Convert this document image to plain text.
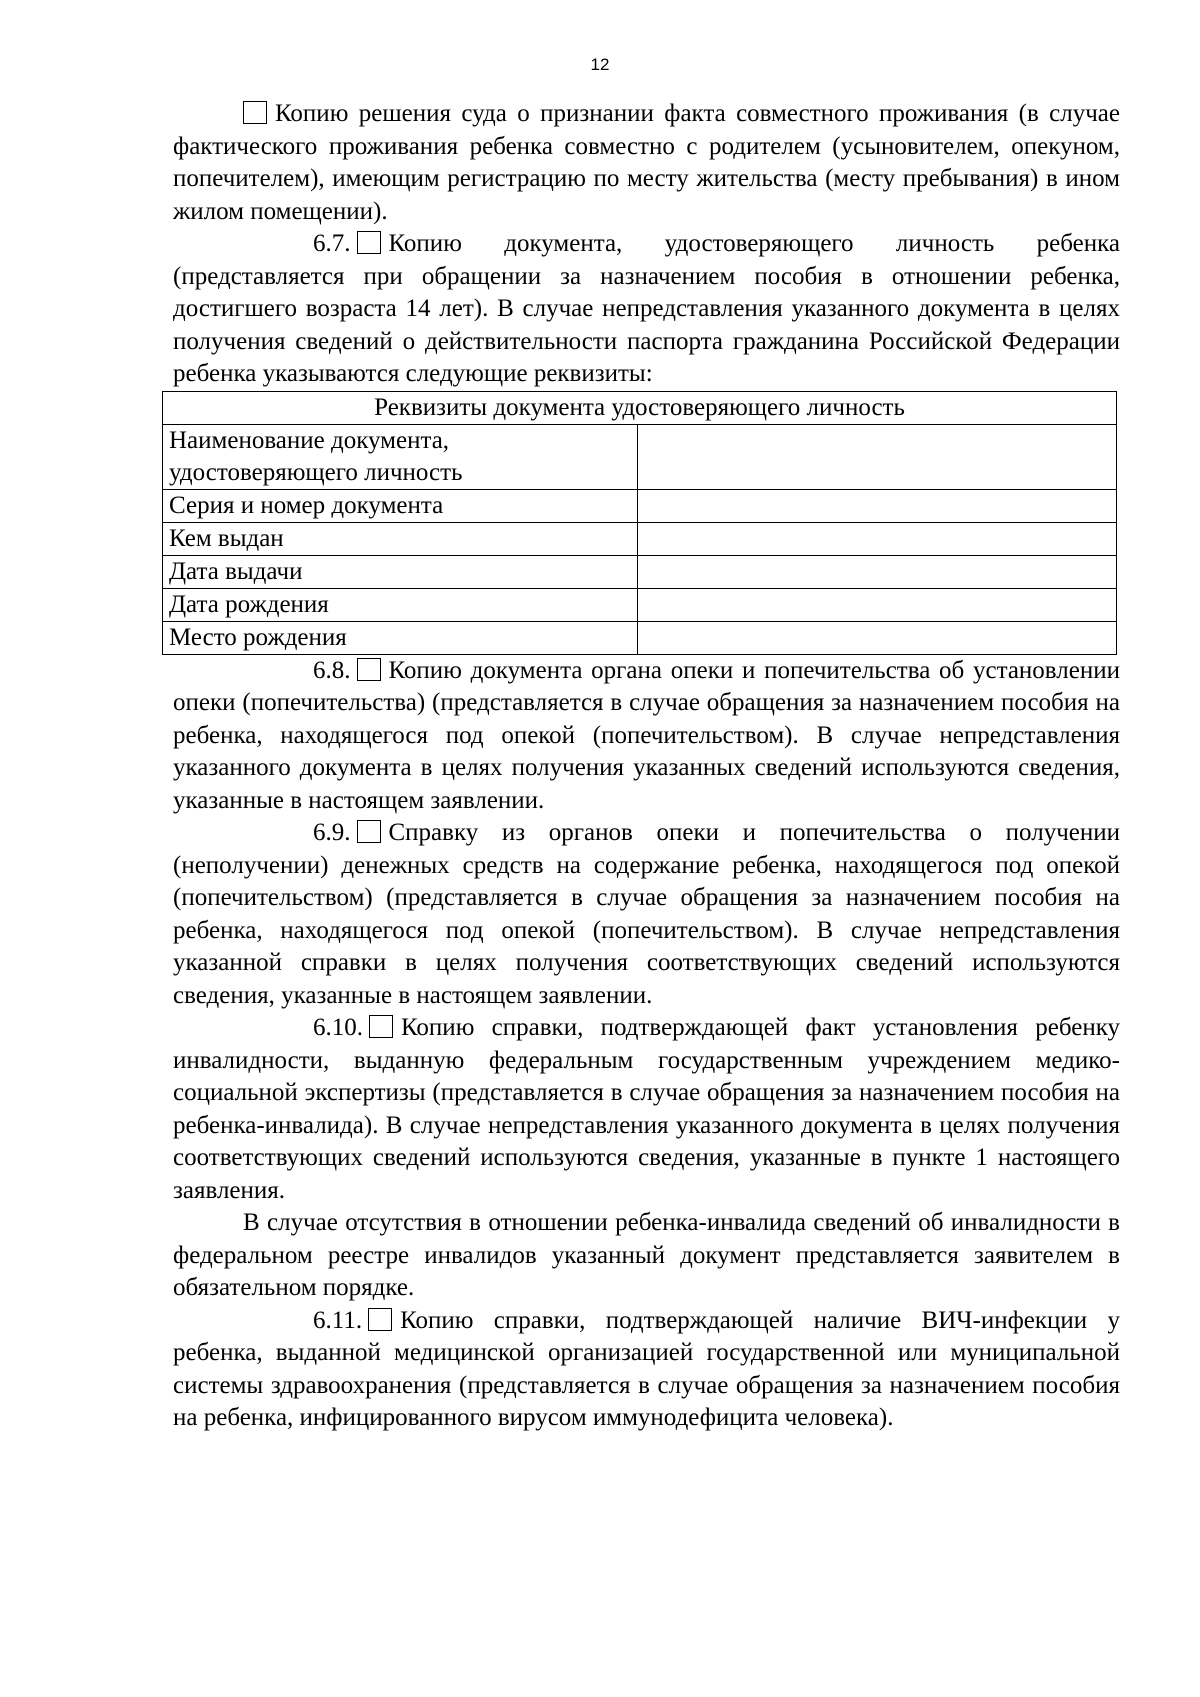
12

Копию решения суда о признании факта совместного проживания (в случае фактического проживания ребенка совместно с родителем (усыновителем, опекуном, попечителем), имеющим регистрацию по месту жительства (месту пребывания) в ином жилом помещении).

6.7. Копию документа, удостоверяющего личность ребенка (представляется при обращении за назначением пособия в отношении ребенка, достигшего возраста 14 лет). В случае непредставления указанного документа в целях получения сведений о действительности паспорта гражданина Российской Федерации ребенка указываются следующие реквизиты:

Реквизиты документа удостоверяющего личность	
Наименование документа, удостоверяющего личность	
Серия и номер документа	
Кем выдан	
Дата выдачи	
Дата рождения	
Место рождения	

6.8. Копию документа органа опеки и попечительства об установлении опеки (попечительства) (представляется в случае обращения за назначением пособия на ребенка, находящегося под опекой (попечительством). В случае непредставления указанного документа в целях получения указанных сведений используются сведения, указанные в настоящем заявлении.

6.9. Справку из органов опеки и попечительства о получении (неполучении) денежных средств на содержание ребенка, находящегося под опекой (попечительством) (представляется в случае обращения за назначением пособия на ребенка, находящегося под опекой (попечительством). В случае непредставления указанной справки в целях получения соответствующих сведений используются сведения, указанные в настоящем заявлении.

6.10. Копию справки, подтверждающей факт установления ребенку инвалидности, выданную федеральным государственным учреждением медико-социальной экспертизы (представляется в случае обращения за назначением пособия на ребенка-инвалида). В случае непредставления указанного документа в целях получения соответствующих сведений используются сведения, указанные в пункте 1 настоящего заявления.

В случае отсутствия в отношении ребенка-инвалида сведений об инвалидности в федеральном реестре инвалидов указанный документ представляется заявителем в обязательном порядке.

6.11. Копию справки, подтверждающей наличие ВИЧ-инфекции у ребенка, выданной медицинской организацией государственной или муниципальной системы здравоохранения (представляется в случае обращения за назначением пособия на ребенка, инфицированного вирусом иммунодефицита человека).
